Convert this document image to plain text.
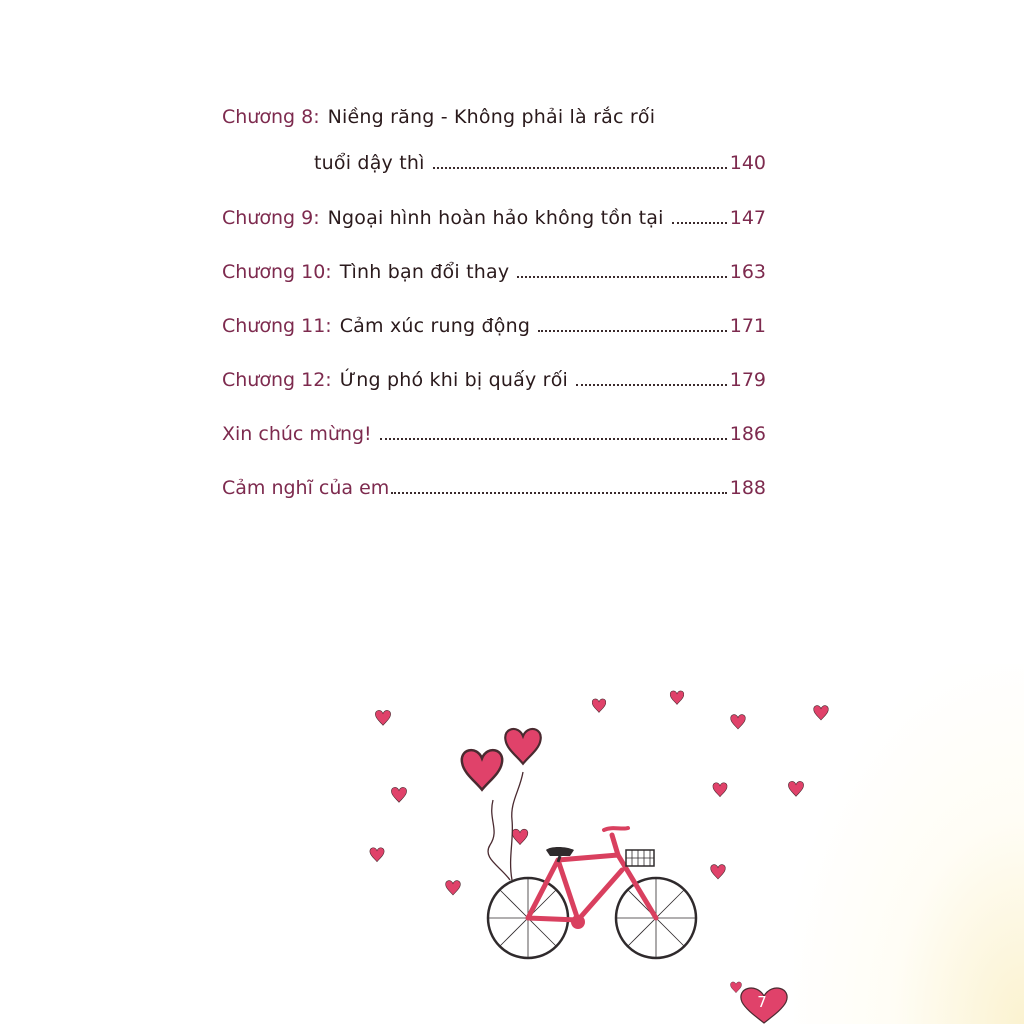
Chương 8: Niềng răng - Không phải là rắc rối
tuổi dậy thì	140
Chương 9: Ngoại hình hoàn hảo không tồn tại	147
Chương 10: Tình bạn đổi thay	163
Chương 11: Cảm xúc rung động	171
Chương 12: Ứng phó khi bị quấy rối	179
Xin chúc mừng!	186
Cảm nghĩ của em	188
7
